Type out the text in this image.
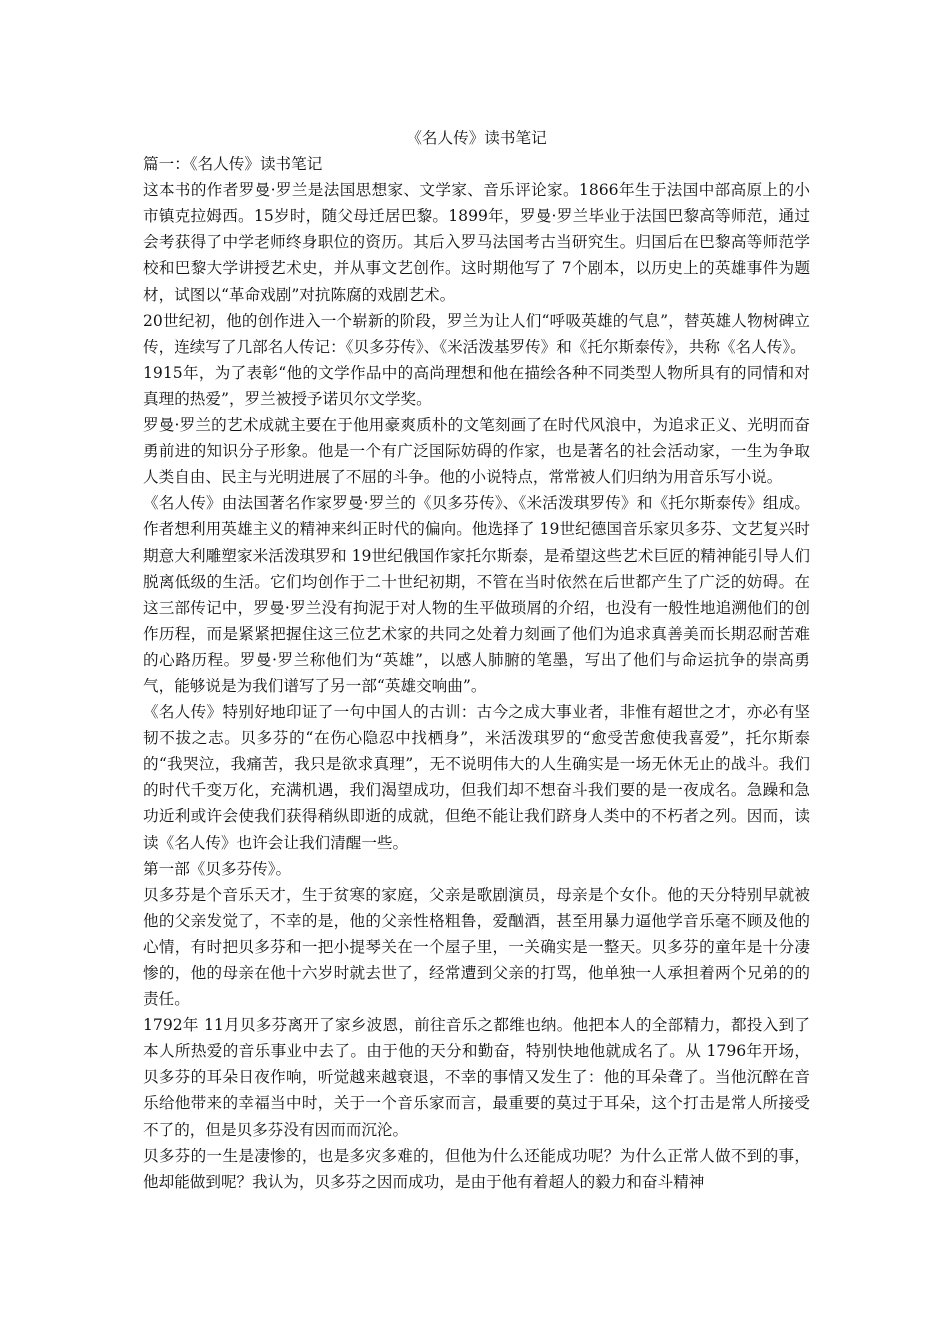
《名人传》读书笔记

篇一：《名人传》读书笔记

这本书的作者罗曼·罗兰是法国思想家、文学家、音乐评论家。1866年生于法国中部高原上的小市镇克拉姆西。15岁时，随父母迁居巴黎。1899年，罗曼·罗兰毕业于法国巴黎高等师范，通过会考获得了中学老师终身职位的资历。其后入罗马法国考古当研究生。归国后在巴黎高等师范学校和巴黎大学讲授艺术史，并从事文艺创作。这时期他写了 7个剧本，以历史上的英雄事件为题材，试图以“革命戏剧”对抗陈腐的戏剧艺术。

20世纪初，他的创作进入一个崭新的阶段，罗兰为让人们“呼吸英雄的气息”，替英雄人物树碑立传，连续写了几部名人传记：《贝多芬传》、《米活泼基罗传》和《托尔斯泰传》，共称《名人传》。

1915年，为了表彰“他的文学作品中的高尚理想和他在描绘各种不同类型人物所具有的同情和对真理的热爱”，罗兰被授予诺贝尔文学奖。

罗曼·罗兰的艺术成就主要在于他用豪爽质朴的文笔刻画了在时代风浪中，为追求正义、光明而奋勇前进的知识分子形象。他是一个有广泛国际妨碍的作家，也是著名的社会活动家，一生为争取人类自由、民主与光明进展了不屈的斗争。他的小说特点，常常被人们归纳为用音乐写小说。

《名人传》由法国著名作家罗曼·罗兰的《贝多芬传》、《米活泼琪罗传》和《托尔斯泰传》组成。作者想利用英雄主义的精神来纠正时代的偏向。他选择了 19世纪德国音乐家贝多芬、文艺复兴时期意大利雕塑家米活泼琪罗和 19世纪俄国作家托尔斯泰，是希望这些艺术巨匠的精神能引导人们脱离低级的生活。它们均创作于二十世纪初期，不管在当时依然在后世都产生了广泛的妨碍。在这三部传记中，罗曼·罗兰没有拘泥于对人物的生平做琐屑的介绍，也没有一般性地追溯他们的创作历程，而是紧紧把握住这三位艺术家的共同之处着力刻画了他们为追求真善美而长期忍耐苦难的心路历程。罗曼·罗兰称他们为“英雄”，以感人肺腑的笔墨，写出了他们与命运抗争的崇高勇气，能够说是为我们谱写了另一部“英雄交响曲”。

《名人传》特别好地印证了一句中国人的古训：古今之成大事业者，非惟有超世之才，亦必有坚韧不拔之志。贝多芬的“在伤心隐忍中找栖身”，米活泼琪罗的“愈受苦愈使我喜爱”，托尔斯泰的“我哭泣，我痛苦，我只是欲求真理”，无不说明伟大的人生确实是一场无休无止的战斗。我们的时代千变万化，充满机遇，我们渴望成功，但我们却不想奋斗我们要的是一夜成名。急躁和急功近利或许会使我们获得稍纵即逝的成就，但绝不能让我们跻身人类中的不朽者之列。因而，读读《名人传》也许会让我们清醒一些。

第一部《贝多芬传》。

贝多芬是个音乐天才，生于贫寒的家庭，父亲是歌剧演员，母亲是个女仆。他的天分特别早就被他的父亲发觉了，不幸的是，他的父亲性格粗鲁，爱酗酒，甚至用暴力逼他学音乐毫不顾及他的心情，有时把贝多芬和一把小提琴关在一个屋子里，一关确实是一整天。贝多芬的童年是十分凄惨的，他的母亲在他十六岁时就去世了，经常遭到父亲的打骂，他单独一人承担着两个兄弟的的责任。

1792年 11月贝多芬离开了家乡波恩，前往音乐之都维也纳。他把本人的全部精力，都投入到了本人所热爱的音乐事业中去了。由于他的天分和勤奋，特别快地他就成名了。从 1796年开场，贝多芬的耳朵日夜作响，听觉越来越衰退，不幸的事情又发生了：他的耳朵聋了。当他沉醉在音乐给他带来的幸福当中时，关于一个音乐家而言，最重要的莫过于耳朵，这个打击是常人所接受不了的，但是贝多芬没有因而而沉沦。

贝多芬的一生是凄惨的，也是多灾多难的，但他为什么还能成功呢？为什么正常人做不到的事，他却能做到呢？我认为，贝多芬之因而成功，是由于他有着超人的毅力和奋斗精神
